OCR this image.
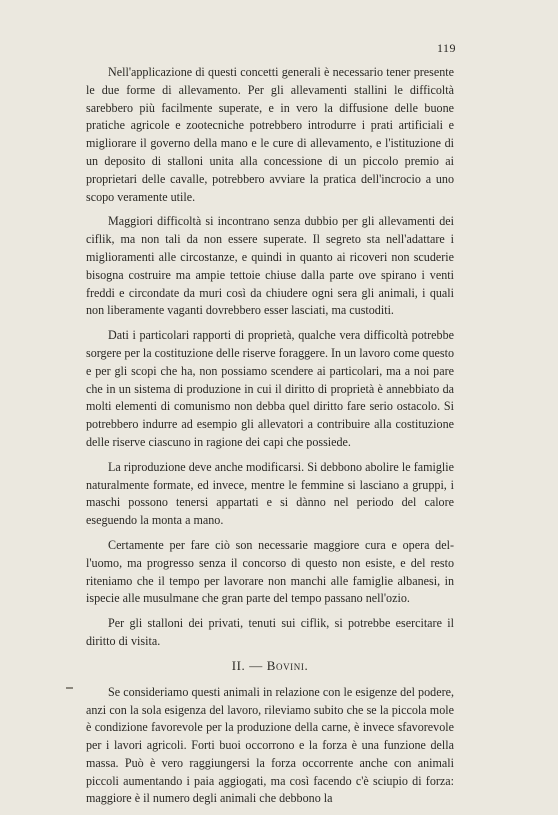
119

Nell'applicazione di questi concetti generali è necessario tener presente le due forme di allevamento. Per gli allevamenti stallini le difficoltà sarebbero più facilmente superate, e in vero la diffusione delle buone pratiche agricole e zootecniche potrebbero introdurre i prati artificiali e migliorare il governo della mano e le cure di allevamento, e l'istituzione di un deposito di stalloni unita alla concessione di un piccolo premio ai proprietari delle cavalle, potrebbero avviare la pratica dell'incrocio a uno scopo veramente utile.

Maggiori difficoltà si incontrano senza dubbio per gli allevamenti dei ciflik, ma non tali da non essere superate. Il segreto sta nell'adattare i miglioramenti alle circostanze, e quindi in quanto ai ricoveri non scuderie bisogna costruire ma ampie tettoie chiuse dalla parte ove spirano i venti freddi e circondate da muri così da chiudere ogni sera gli animali, i quali non liberamente vaganti dovrebbero esser lasciati, ma custoditi.

Dati i particolari rapporti di proprietà, qualche vera difficoltà potrebbe sorgere per la costituzione delle riserve foraggere. In un lavoro come questo e per gli scopi che ha, non possiamo scendere ai particolari, ma a noi pare che in un sistema di produzione in cui il diritto di proprietà è annebbiato da molti elementi di comunismo non debba quel diritto fare serio ostacolo. Si potrebbero indurre ad esempio gli allevatori a contribuire alla costituzione delle riserve ciascuno in ragione dei capi che possiede.

La riproduzione deve anche modificarsi. Si debbono abolire le famiglie naturalmente formate, ed invece, mentre le femmine si lasciano a gruppi, i maschi possono tenersi appartati e si dànno nel periodo del calore eseguendo la monta a mano.

Certamente per fare ciò son necessarie maggiore cura e opera dell'uomo, ma progresso senza il concorso di questo non esiste, e del resto riteniamo che il tempo per lavorare non manchi alle famiglie albanesi, in ispecie alle musulmane che gran parte del tempo passano nell'ozio.

Per gli stalloni dei privati, tenuti sui ciflik, si potrebbe esercitare il diritto di visita.

II. — Bovini.

Se consideriamo questi animali in relazione con le esigenze del podere, anzi con la sola esigenza del lavoro, rileviamo subito che se la piccola mole è condizione favorevole per la produzione della carne, è invece sfavorevole per i lavori agricoli. Forti buoi occorrono e la forza è una funzione della massa. Può è vero raggiungersi la forza occorrente anche con animali piccoli aumentando i paia aggiogati, ma così facendo c'è sciupio di forza: maggiore è il numero degli animali che debbono la
